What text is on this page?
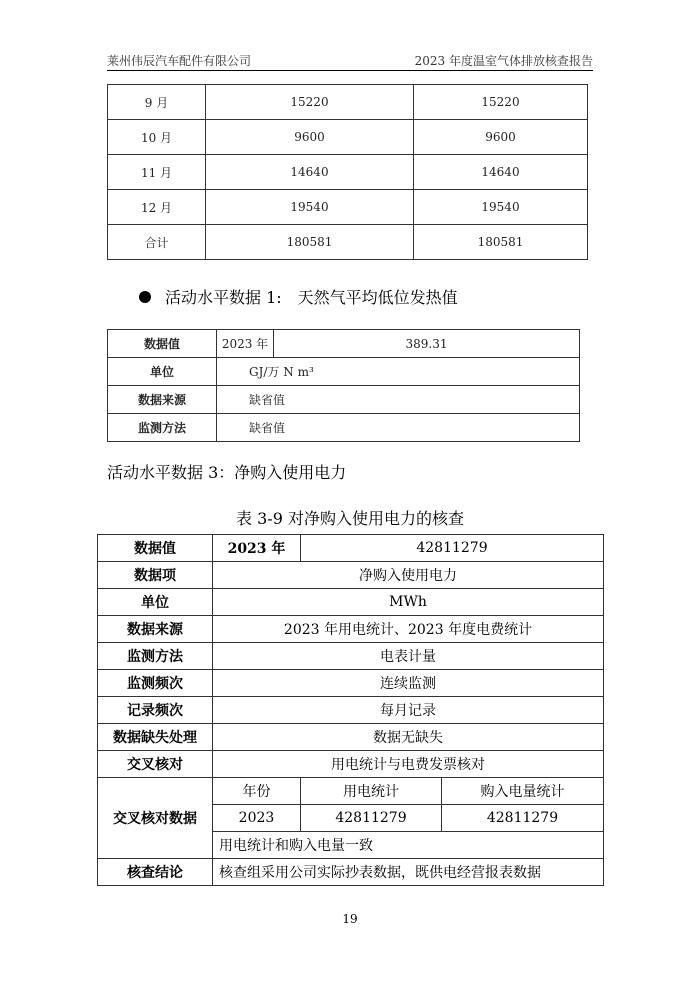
莱州伟辰汽车配件有限公司	2023 年度温室气体排放核查报告
9 月	15220	15220
10 月	9600	9600
11 月	14640	14640
12 月	19540	19540
合计	180581	180581
活动水平数据 1:　天然气平均低位发热值
数据值	2023 年	389.31
单位	GJ/万 N m³	
数据来源	缺省值	
监测方法	缺省值	
活动水平数据 3：净购入使用电力
表 3-9 对净购入使用电力的核查
数据值	2023 年	42811279	
数据项	净购入使用电力		
单位	MWh		
数据来源	2023 年用电统计、2023 年度电费统计		
监测方法	电表计量		
监测频次	连续监测		
记录频次	每月记录		
数据缺失处理	数据无缺失		
交叉核对	用电统计与电费发票核对		
交叉核对数据	年份	用电统计	购入电量统计
	2023	42811279	42811279
	用电统计和购入电量一致		
核查结论	核查组采用公司实际抄表数据，既供电经营报表数据		
19
